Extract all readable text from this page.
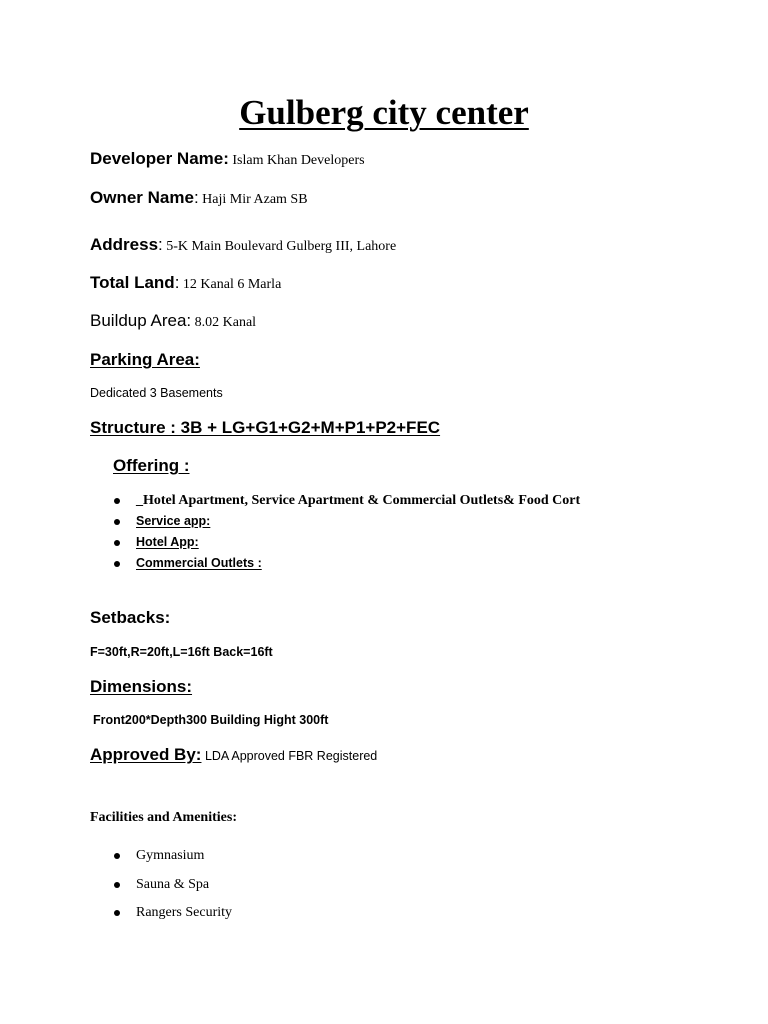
Gulberg city center
Developer Name: Islam Khan Developers
Owner Name: Haji Mir Azam SB
Address: 5-K Main Boulevard Gulberg III, Lahore
Total Land: 12 Kanal 6 Marla
Buildup Area: 8.02 Kanal
Parking Area:
Dedicated 3 Basements
Structure : 3B + LG+G1+G2+M+P1+P2+FEC
Offering :
_Hotel Apartment, Service Apartment & Commercial Outlets& Food Cort
Service app:
Hotel App:
Commercial Outlets :
Setbacks:
F=30ft,R=20ft,L=16ft Back=16ft
Dimensions:
Front200*Depth300 Building Hight 300ft
Approved By: LDA Approved FBR Registered
Facilities and Amenities:
Gymnasium
Sauna & Spa
Rangers Security
